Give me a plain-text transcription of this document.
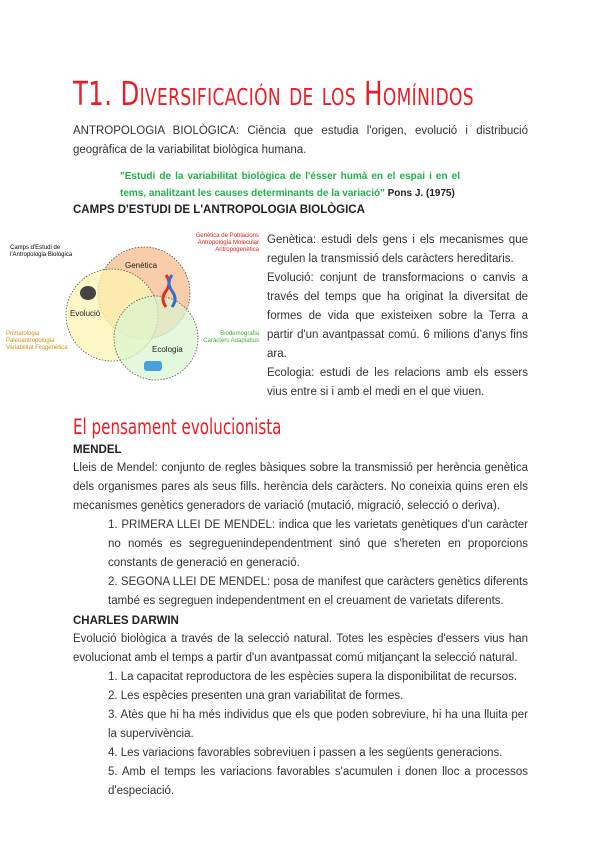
T1. Diversificación de los Homínidos

ANTROPOLOGIA BIOLÒGICA: Ciència que estudia l'origen, evolució i distribució geogràfica de la variabilitat biològica humana.

"Estudi de la variabilitat biològica de l'ésser humà en el espai i en el tems, analitzant les causes determinants de la variació" Pons J. (1975)

CAMPS D'ESTUDI DE L'ANTROPOLOGIA BIOLÒGICA

Camps d'Estudi de
l'Antropologia Biològica
Genètica
Evolució
Ecologia
Genètica de Poblacions
Antropologia Molecular
Antropogenètica
Primatologia
Paleoantropologia
Variabilitat Filogenètica
Biodemografia
Caràcters Adaptatius

Genètica: estudi dels gens i els mecanismes que regulen la transmissió dels caràcters hereditaris.

Evolució: conjunt de transformacions o canvis a través del temps que ha originat la diversitat de formes de vida que existeixen sobre la Terra a partir d'un avantpassat comú. 6 milions d'anys fins ara.

Ecologia: estudi de les relacions amb els essers vius entre si i amb el medi en el que viuen.

El pensament evolucionista

MENDEL

Lleis de Mendel: conjunto de regles bàsiques sobre la transmissió per herència genètica dels organismes pares als seus fills. herència dels caràcters. No coneixia quins eren els mecanismes genètics generadors de variació (mutació, migració, selecció o deriva).

1. PRIMERA LLEI DE MENDEL: indica que les varietats genètiques d'un caràcter no només es segreguenindependentment sinó que s'hereten en proporcions constants de generació en generació.

2. SEGONA LLEI DE MENDEL: posa de manifest que caràcters genètics diferents també es segreguen independentment en el creuament de varietats diferents.

CHARLES DARWIN

Evolució biològica a través de la selecció natural. Totes les espècies d'essers vius han evolucionat amb el temps a partir d'un avantpassat comú mitjançant la selecció natural.

1. La capacitat reproductora de les espècies supera la disponibilitat de recursos.

2. Les espècies presenten una gran variabilitat de formes.

3. Atès que hi ha més individus que els que poden sobreviure, hi ha una lluita per la supervivència.

4. Les variacions favorables sobreviuen i passen a les següents generacions.

5. Amb el temps les variacions favorables s'acumulen i donen lloc a processos d'especiació.
